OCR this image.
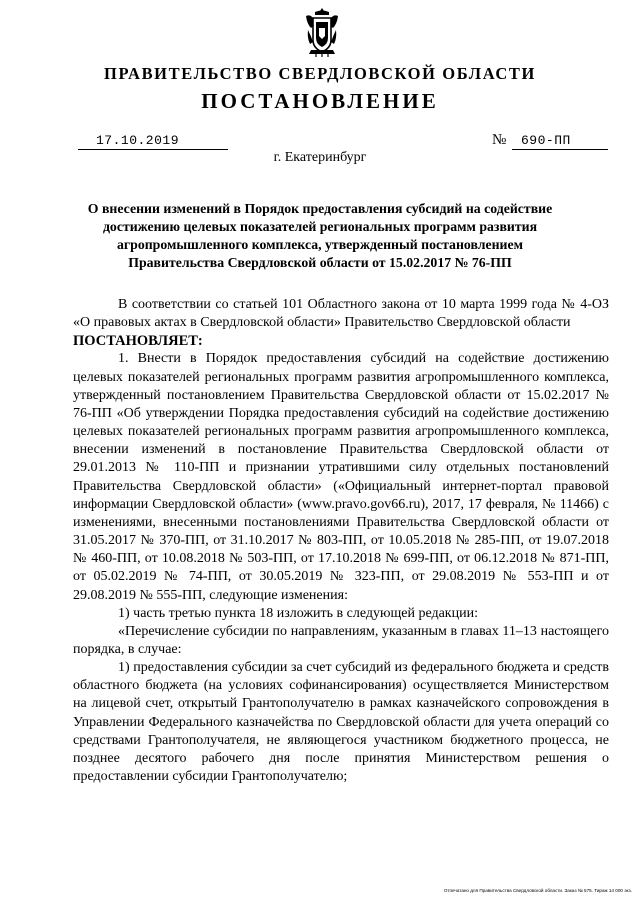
ПРАВИТЕЛЬСТВО СВЕРДЛОВСКОЙ ОБЛАСТИ
ПОСТАНОВЛЕНИЕ
17.10.2019	№ 690-ПП
г. Екатеринбург
О внесении изменений в Порядок предоставления субсидий на содействие достижению целевых показателей региональных программ развития агропромышленного комплекса, утвержденный постановлением Правительства Свердловской области от 15.02.2017 № 76-ПП

В соответствии со статьей 101 Областного закона от 10 марта 1999 года № 4-ОЗ «О правовых актах в Свердловской области» Правительство Свердловской области

ПОСТАНОВЛЯЕТ:

1. Внести в Порядок предоставления субсидий на содействие достижению целевых показателей региональных программ развития агропромышленного комплекса, утвержденный постановлением Правительства Свердловской области от 15.02.2017 № 76-ПП «Об утверждении Порядка предоставления субсидий на содействие достижению целевых показателей региональных программ развития агропромышленного комплекса, внесении изменений в постановление Правительства Свердловской области от 29.01.2013 № 110-ПП и признании утратившими силу отдельных постановлений Правительства Свердловской области» («Официальный интернет-портал правовой информации Свердловской области» (www.pravo.gov66.ru), 2017, 17 февраля, № 11466) с изменениями, внесенными постановлениями Правительства Свердловской области от 31.05.2017 № 370-ПП, от 31.10.2017 № 803-ПП, от 10.05.2018 № 285-ПП, от 19.07.2018 № 460-ПП, от 10.08.2018 № 503-ПП, от 17.10.2018 № 699-ПП, от 06.12.2018 № 871-ПП, от 05.02.2019 № 74-ПП, от 30.05.2019 № 323-ПП, от 29.08.2019 № 553-ПП и от 29.08.2019 № 555-ПП, следующие изменения:

1) часть третью пункта 18 изложить в следующей редакции:

«Перечисление субсидии по направлениям, указанным в главах 11–13 настоящего порядка, в случае:

1) предоставления субсидии за счет субсидий из федерального бюджета и средств областного бюджета (на условиях софинансирования) осуществляется Министерством на лицевой счет, открытый Грантополучателю в рамках казначейского сопровождения в Управлении Федерального казначейства по Свердловской области для учета операций со средствами Грантополучателя, не являющегося участником бюджетного процесса, не позднее десятого рабочего дня после принятия Министерством решения о предоставлении субсидии Грантополучателю;

Отпечатано для Правительства Свердловской области. Заказ № 575. Тираж 14 000 экз.
